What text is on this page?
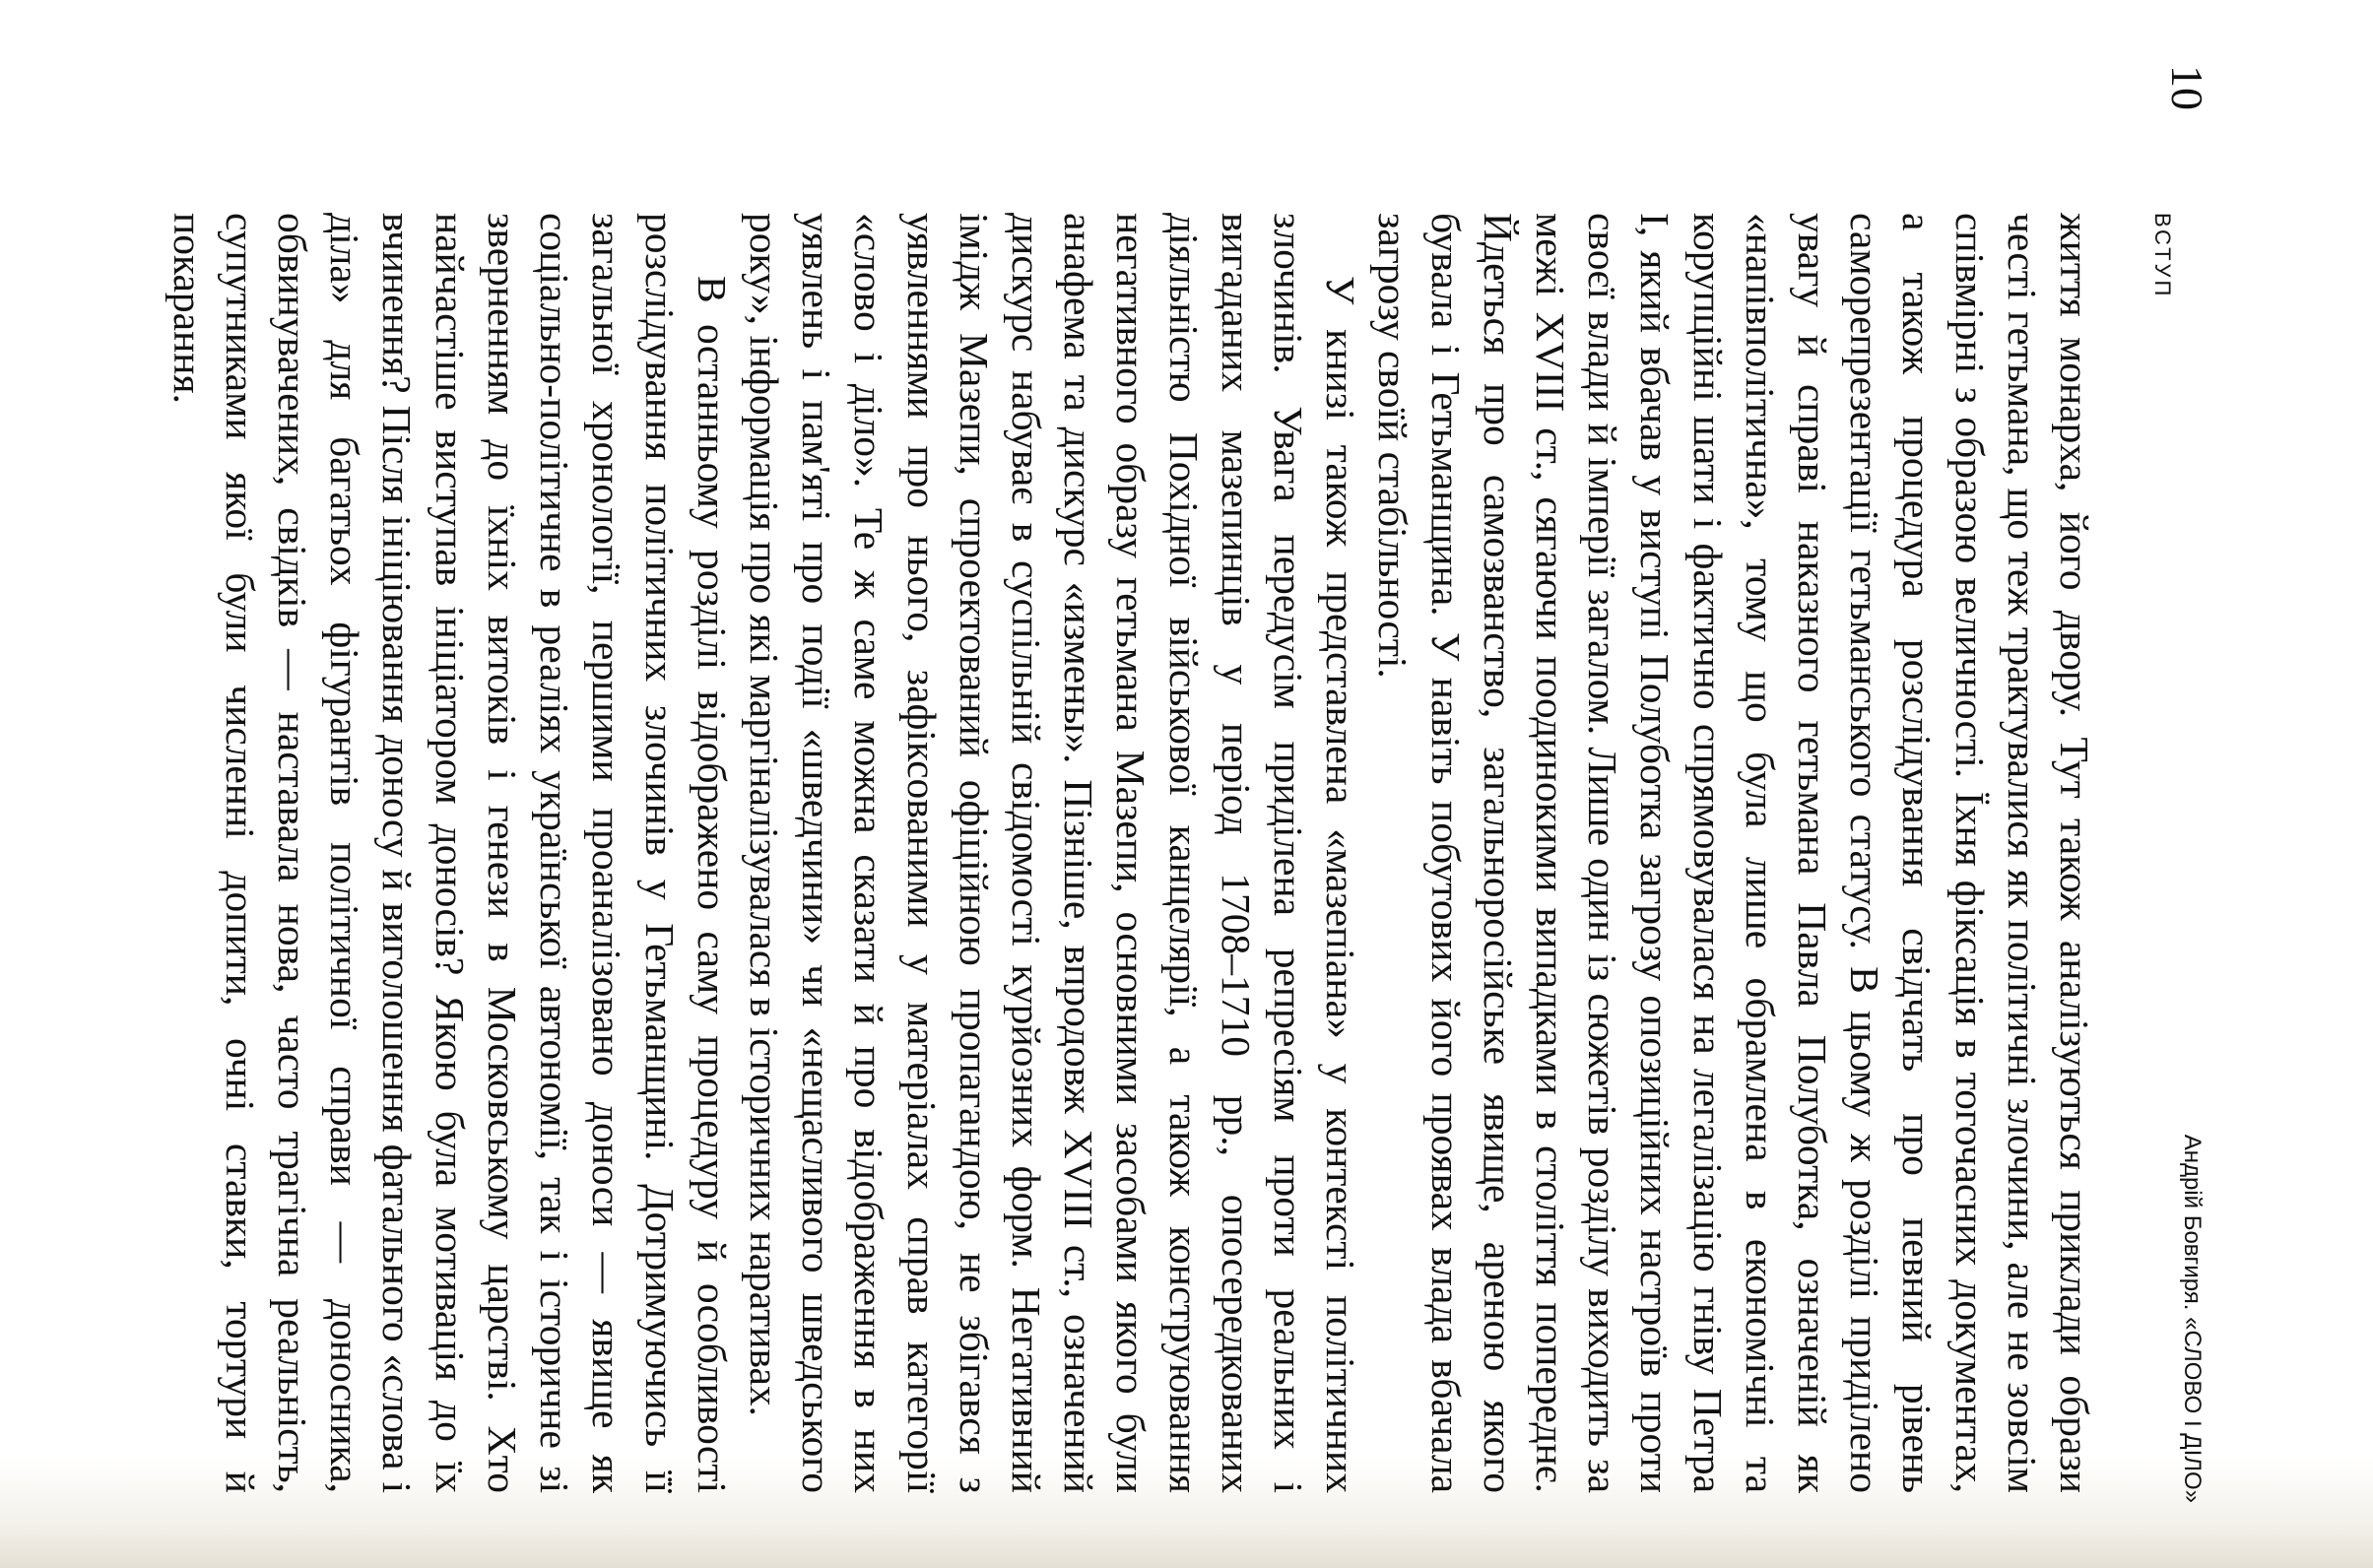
10
ВСТУП
Андрій Бовгиря. «СЛОВО І ДІЛО»

життя монарха, його двору. Тут також аналізуються приклади образи честі гетьмана, що теж трактувалися як політичні злочини, але не зовсім співмірні з образою величності. Їхня фіксація в тогочасних документах, а також процедура розслідування свідчать про певний рівень саморепрезентації гетьманського статусу. В цьому ж розділі приділено увагу й справі наказного гетьмана Павла Полуботка, означеній як «напівполітична», тому що була лише обрамлена в економічні та корупційні шати і фактично спрямовувалася на легалізацію гніву Петра I, який вбачав у виступі Полуботка загрозу опозиційних настроїв проти своєї влади й імперії загалом. Лише один із сюжетів розділу виходить за межі XVIII ст., сягаючи поодинокими випадками в століття попереднє. Йдеться про самозванство, загальноросійське явище, ареною якого бувала і Гетьманщина. У навіть побутових його проявах влада вбачала загрозу своїй стабільності.

У книзі також представлена «мазепіана» у контексті політичних злочинів. Увага передусім приділена репресіям проти реальних і вигаданих мазепинців у період 1708–1710 рр., опосередкованих діяльністю Похідної військової канцелярії, а також конструювання негативного образу гетьмана Мазепи, основними засобами якого були анафема та дискурс «измены». Пізніше, впродовж XVIII ст., означений дискурс набуває в суспільній свідомості курйозних форм. Негативний імідж Мазепи, спроектований офіційною пропагандою, не збігався з уявленнями про нього, зафіксованими у матеріалах справ категорії «слово і діло». Те ж саме можна сказати й про відображення в них уявлень і пам'яті про події «шведчини» чи «нещасливого шведського року», інформація про які маргіналізувалася в історичних наративах.

В останньому розділі відображено саму процедуру й особливості розслідування політичних злочинів у Гетьманщині. Дотримуючись її загальної хронології, першими проаналізовано доноси — явище як соціально-політичне в реаліях української автономії, так і історичне зі зверненням до їхніх витоків і генези в Московському царстві. Хто найчастіше виступав ініціатором доносів? Якою була мотивація до їх вчинення? Після ініціювання доносу й виголошення фатального «слова і діла» для багатьох фігурантів політичної справи — доносника, обвинувачених, свідків — наставала нова, часто трагічна реальність, супутниками якої були численні допити, очні ставки, тортури й покарання.
